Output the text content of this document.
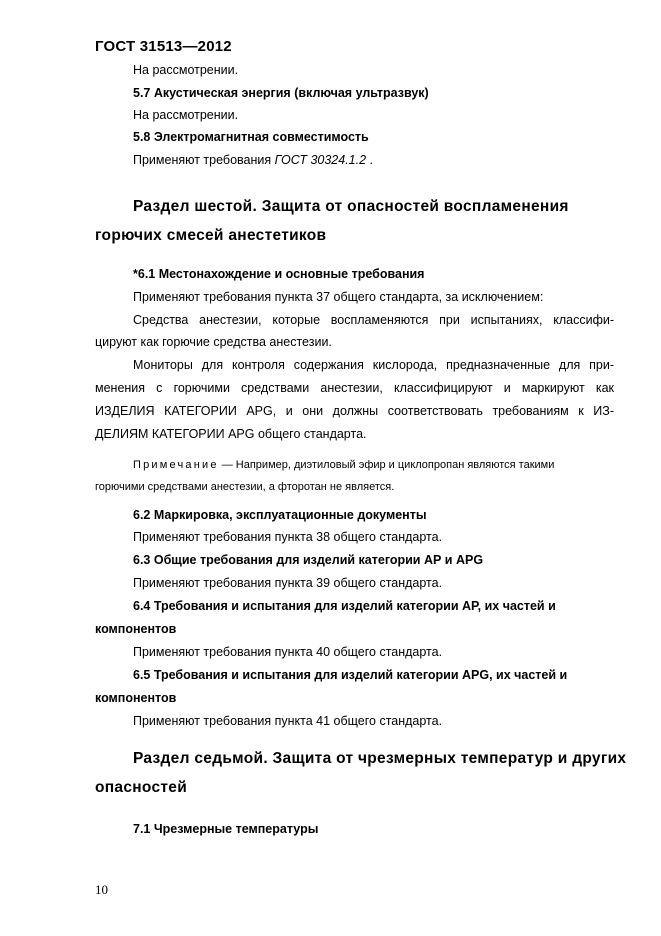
ГОСТ 31513—2012
На рассмотрении.
5.7 Акустическая энергия (включая ультразвук)
На рассмотрении.
5.8 Электромагнитная совместимость
Применяют требования ГОСТ 30324.1.2 .
Раздел шестой. Защита от опасностей воспламенения
горючих смесей анестетиков
*6.1 Местонахождение и основные требования
Применяют требования пункта 37 общего стандарта, за исключением:
Средства анестезии, которые воспламеняются при испытаниях, классифи-
цируют как горючие средства анестезии.
Мониторы для контроля содержания кислорода, предназначенные для при-
менения с горючими средствами анестезии, классифицируют и маркируют как
ИЗДЕЛИЯ КАТЕГОРИИ APG, и они должны соответствовать требованиям к ИЗ-
ДЕЛИЯМ КАТЕГОРИИ APG общего стандарта.
Примечание — Например, диэтиловый эфир и циклопропан являются такими
горючими средствами анестезии, а фторотан не является.
6.2 Маркировка, эксплуатационные документы
Применяют требования пункта 38 общего стандарта.
6.3 Общие требования для изделий категории АР и APG
Применяют требования пункта 39 общего стандарта.
6.4 Требования и испытания для изделий категории АР, их частей и
компонентов
Применяют требования пункта 40 общего стандарта.
6.5 Требования и испытания для изделий категории APG, их частей и
компонентов
Применяют требования пункта 41 общего стандарта.
Раздел седьмой. Защита от чрезмерных температур и других
опасностей
7.1 Чрезмерные температуры
10
